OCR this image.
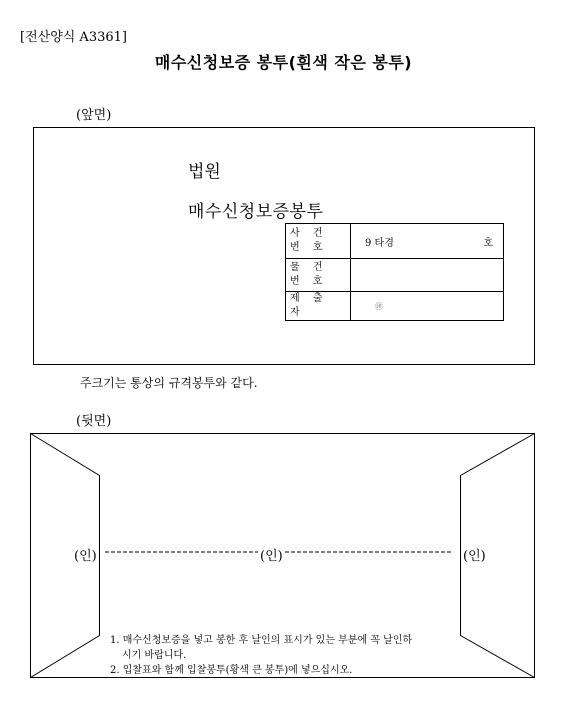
[전산양식 A3361]
매수신청보증 봉투(흰색 작은 봉투)
(앞면)
법원
매수신청보증봉투
사 건 번 호	9 타경 호

물 건 번 호	
제 출 자	㊞
주크기는 통상의 규격봉투와 같다.
(뒷면)
(인)	(인)	(인)
1. 매수신청보증을 넣고 봉한 후 날인의 표시가 있는 부분에 꼭 날인하
시기 바랍니다.
2. 입찰표와 함께 입찰봉투(황색 큰 봉투)에 넣으십시오.
